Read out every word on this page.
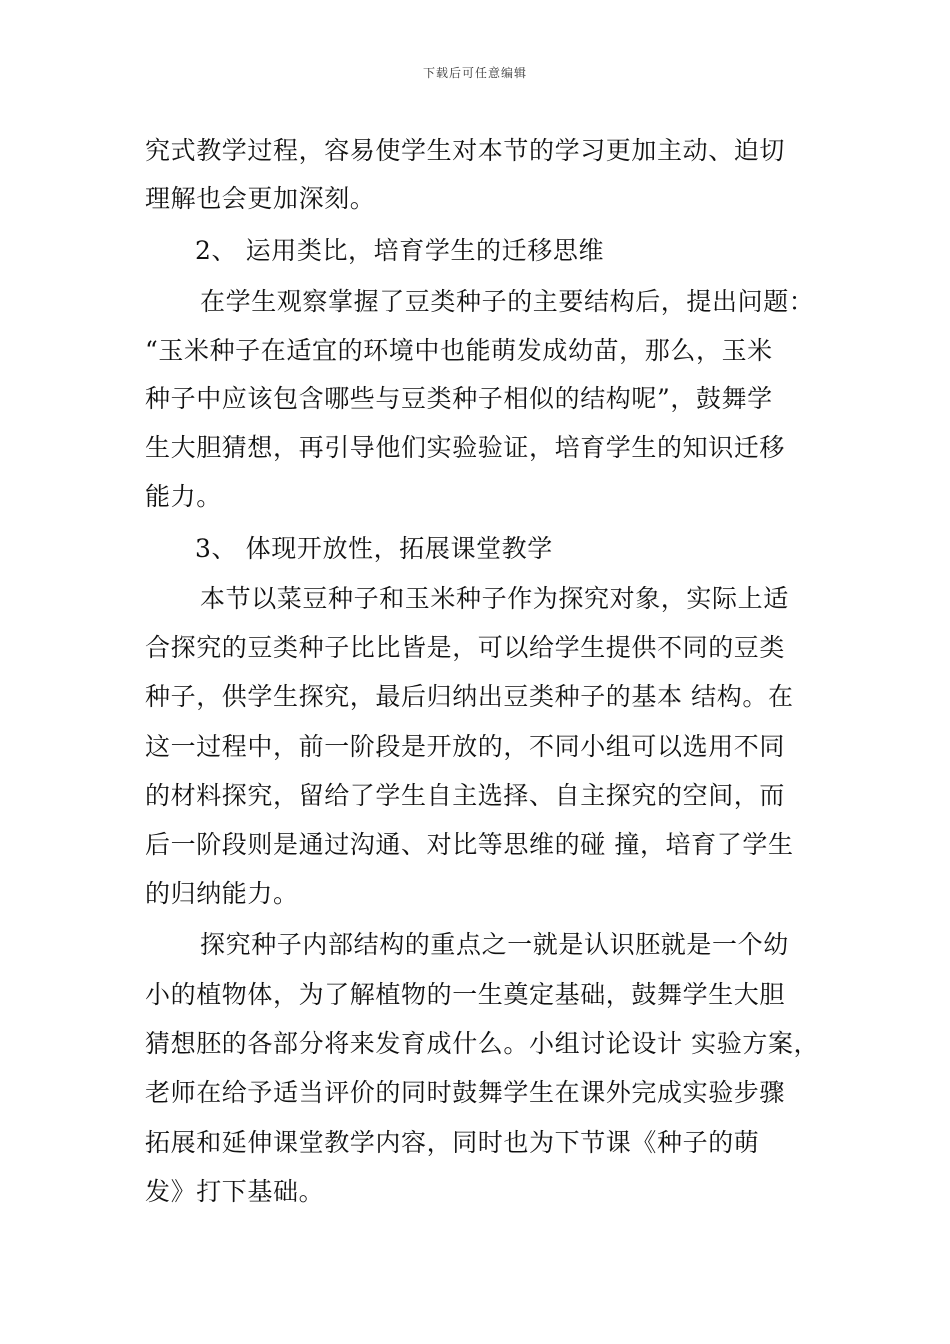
下载后可任意编辑
究式教学过程，容易使学生对本节的学习更加主动、迫切
理解也会更加深刻。
2、 运用类比，培育学生的迁移思维
在学生观察掌握了豆类种子的主要结构后，提出问题：
“玉米种子在适宜的环境中也能萌发成幼苗，那么，玉米
种子中应该包含哪些与豆类种子相似的结构呢”，鼓舞学
生大胆猜想，再引导他们实验验证，培育学生的知识迁移
能力。
3、 体现开放性，拓展课堂教学
本节以菜豆种子和玉米种子作为探究对象，实际上适
合探究的豆类种子比比皆是，可以给学生提供不同的豆类
种子，供学生探究，最后归纳出豆类种子的基本 结构。在
这一过程中，前一阶段是开放的，不同小组可以选用不同
的材料探究，留给了学生自主选择、自主探究的空间，而
后一阶段则是通过沟通、对比等思维的碰 撞，培育了学生
的归纳能力。
探究种子内部结构的重点之一就是认识胚就是一个幼
小的植物体，为了解植物的一生奠定基础，鼓舞学生大胆
猜想胚的各部分将来发育成什么。小组讨论设计 实验方案，
老师在给予适当评价的同时鼓舞学生在课外完成实验步骤
拓展和延伸课堂教学内容，同时也为下节课《种子的萌
发》打下基础。
